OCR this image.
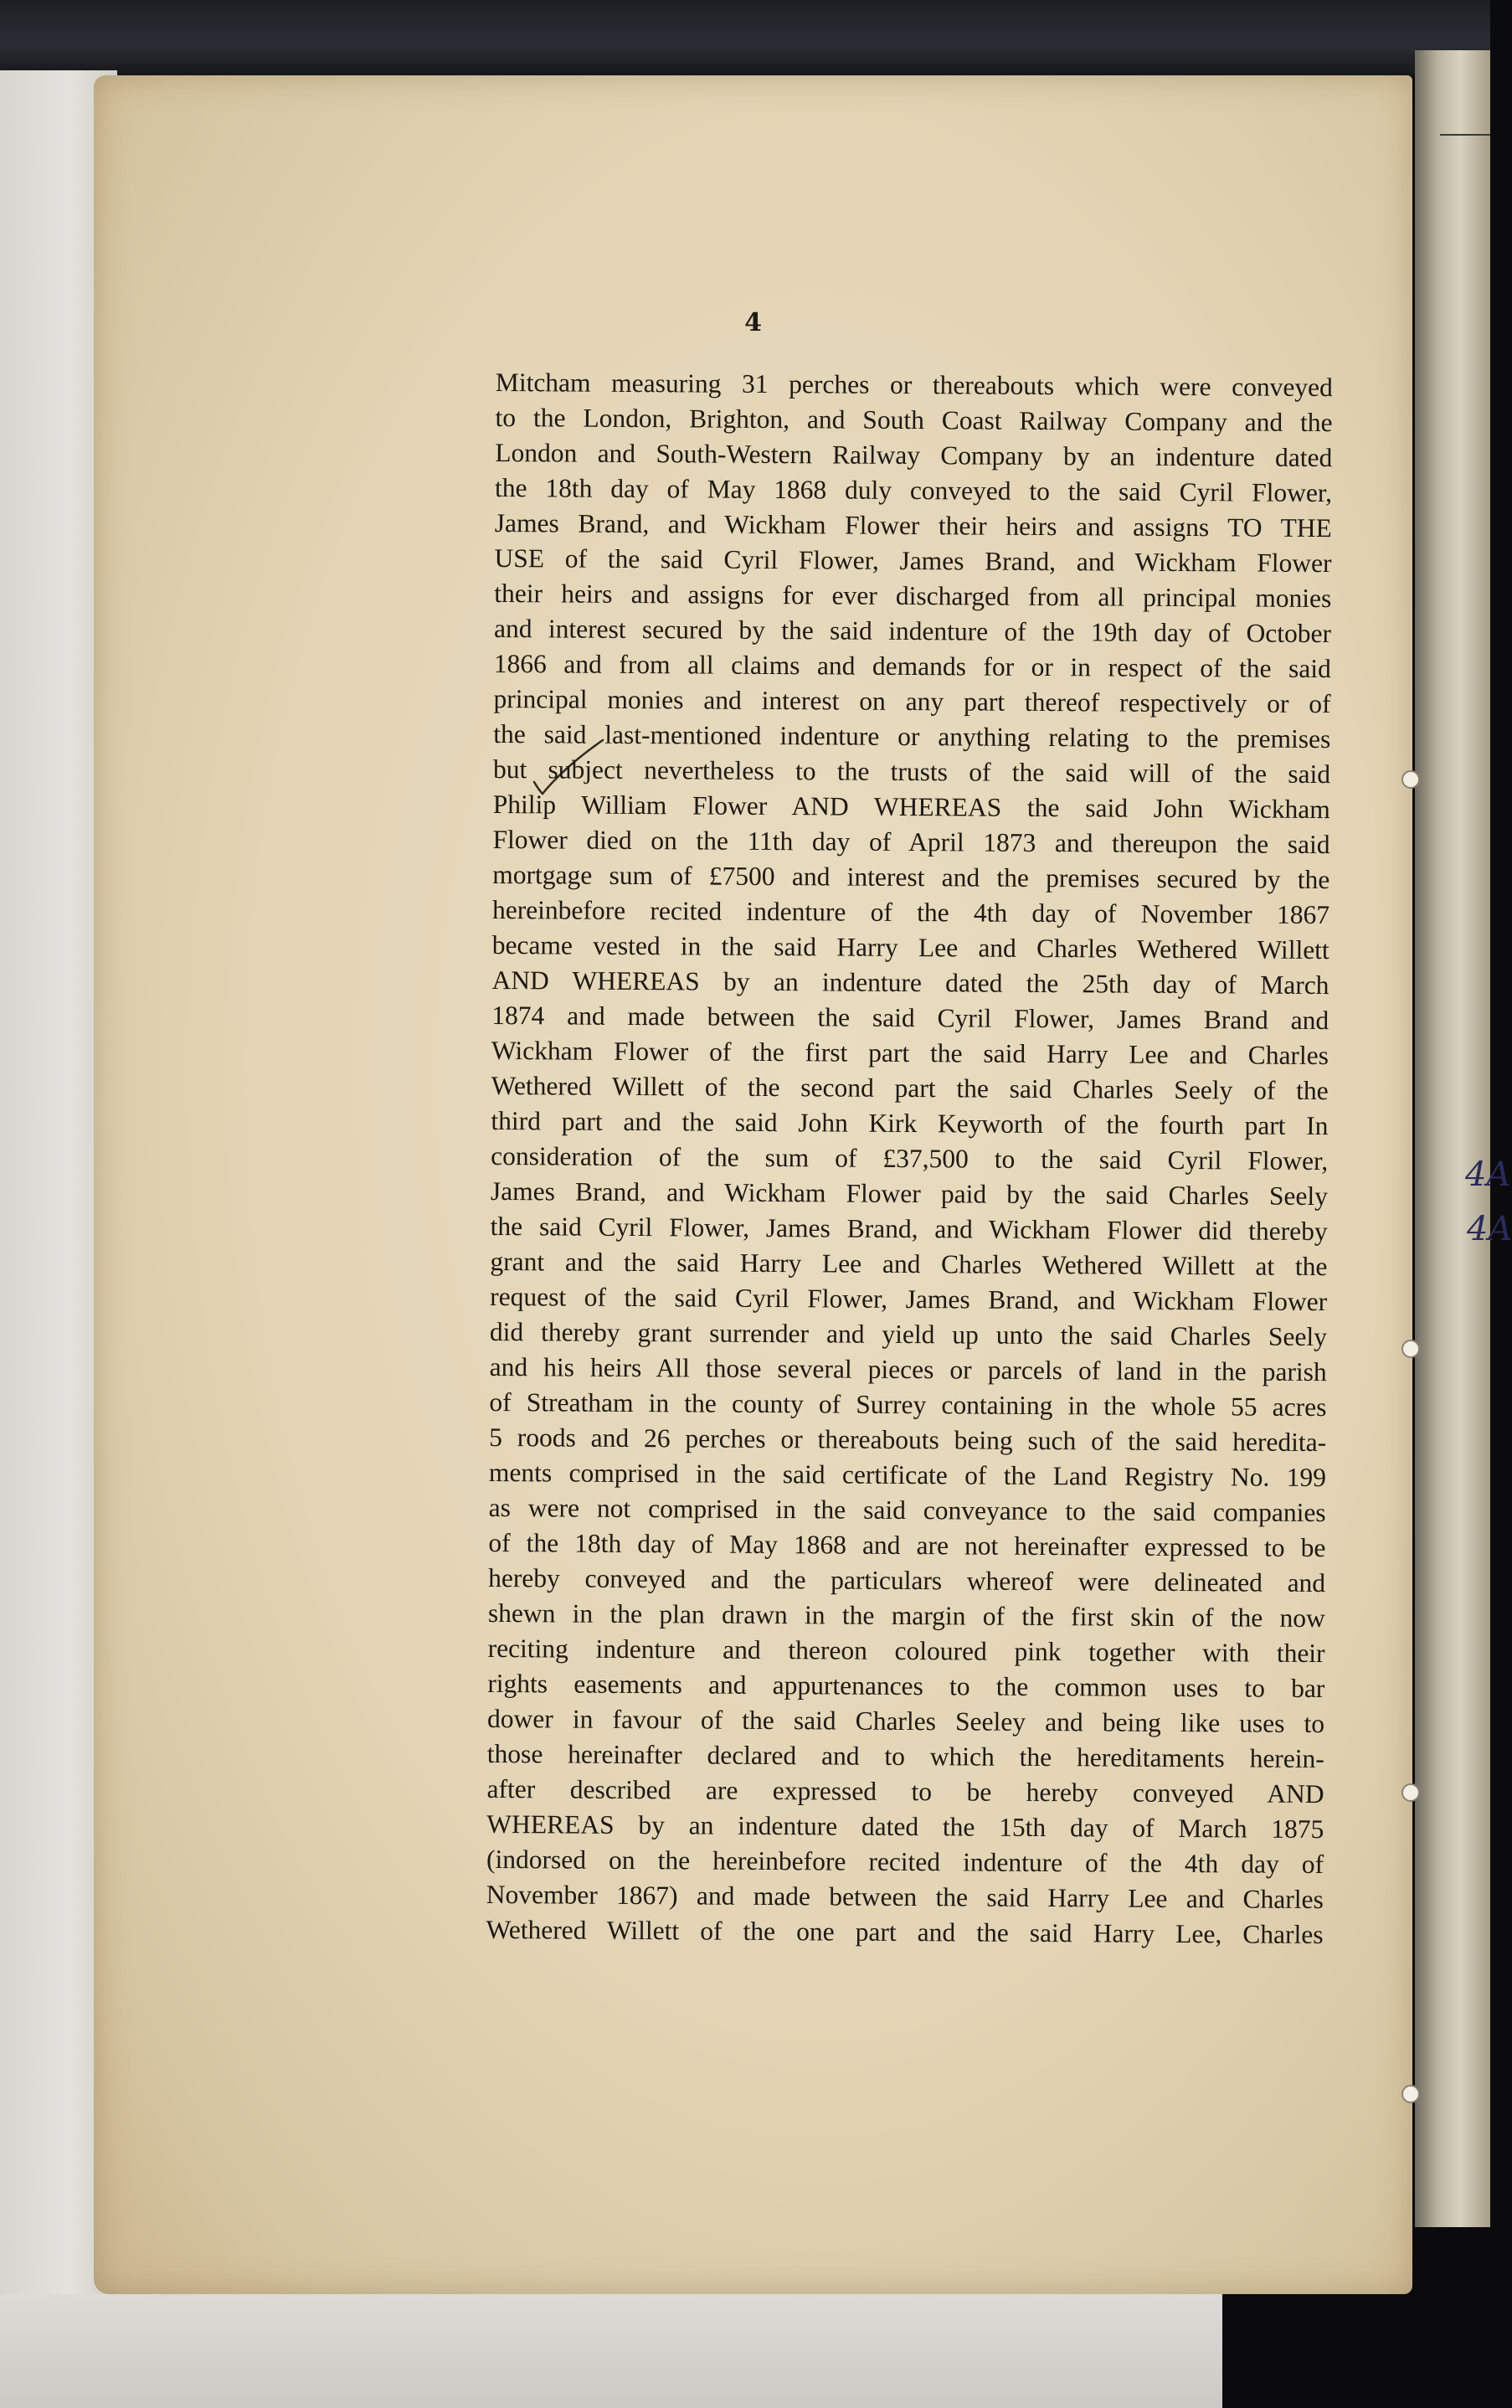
4A
4A
4
Mitcham measuring 31 perches or thereabouts which were conveyed
to the London, Brighton, and South Coast Railway Company and the
London and South-Western Railway Company by an indenture dated
the 18th day of May 1868 duly conveyed to the said Cyril Flower,
James Brand, and Wickham Flower their heirs and assigns TO THE
USE of the said Cyril Flower, James Brand, and Wickham Flower
their heirs and assigns for ever discharged from all principal monies
and interest secured by the said indenture of the 19th day of October
1866 and from all claims and demands for or in respect of the said
principal monies and interest on any part thereof respectively or of
the said last-mentioned indenture or anything relating to the premises
but subject nevertheless to the trusts of the said will of the said
Philip William Flower AND WHEREAS the said John Wickham
Flower died on the 11th day of April 1873 and thereupon the said
mortgage sum of £7500 and interest and the premises secured by the
hereinbefore recited indenture of the 4th day of November 1867
became vested in the said Harry Lee and Charles Wethered Willett
AND WHEREAS by an indenture dated the 25th day of March
1874 and made between the said Cyril Flower, James Brand and
Wickham Flower of the first part the said Harry Lee and Charles
Wethered Willett of the second part the said Charles Seely of the
third part and the said John Kirk Keyworth of the fourth part In
consideration of the sum of £37,500 to the said Cyril Flower,
James Brand, and Wickham Flower paid by the said Charles Seely
the said Cyril Flower, James Brand, and Wickham Flower did thereby
grant and the said Harry Lee and Charles Wethered Willett at the
request of the said Cyril Flower, James Brand, and Wickham Flower
did thereby grant surrender and yield up unto the said Charles Seely
and his heirs All those several pieces or parcels of land in the parish
of Streatham in the county of Surrey containing in the whole 55 acres
5 roods and 26 perches or thereabouts being such of the said heredita-
ments comprised in the said certificate of the Land Registry No. 199
as were not comprised in the said conveyance to the said companies
of the 18th day of May 1868 and are not hereinafter expressed to be
hereby conveyed and the particulars whereof were delineated and
shewn in the plan drawn in the margin of the first skin of the now
reciting indenture and thereon coloured pink together with their
rights easements and appurtenances to the common uses to bar
dower in favour of the said Charles Seeley and being like uses to
those hereinafter declared and to which the hereditaments herein-
after described are expressed to be hereby conveyed AND
WHEREAS by an indenture dated the 15th day of March 1875
(indorsed on the hereinbefore recited indenture of the 4th day of
November 1867) and made between the said Harry Lee and Charles
Wethered Willett of the one part and the said Harry Lee, Charles
